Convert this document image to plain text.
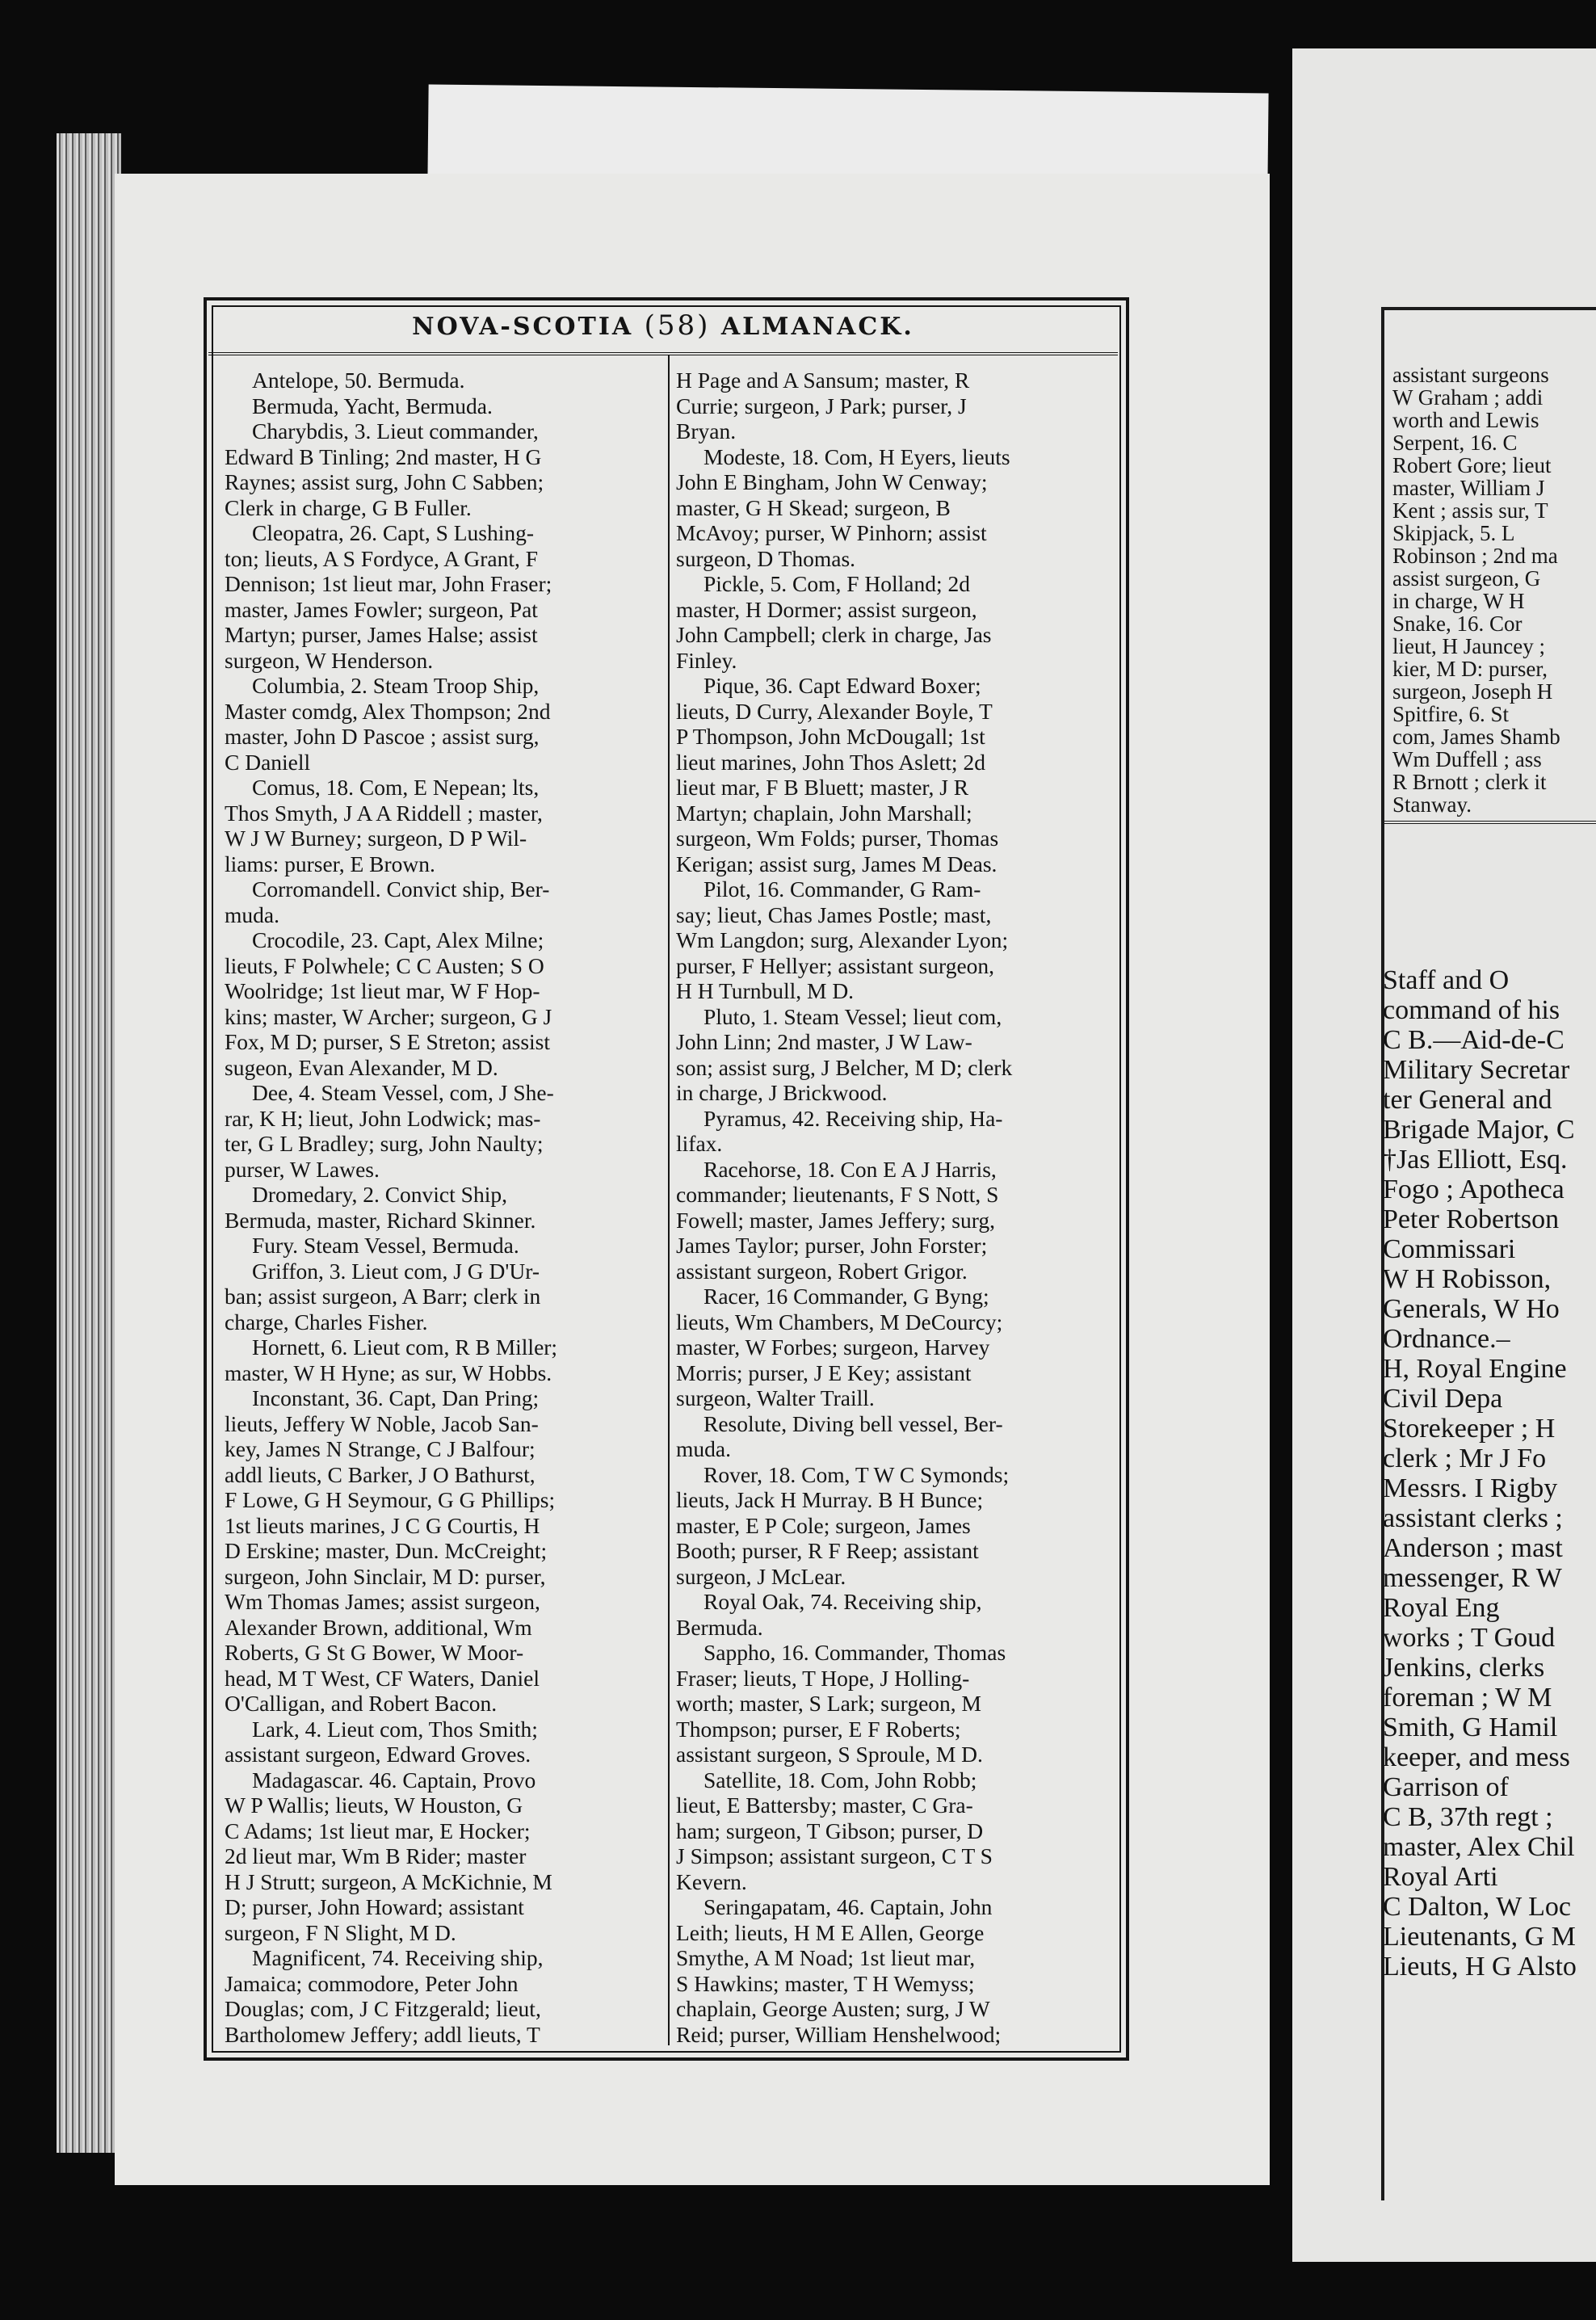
assistant surgeons
W Graham ; addi
worth and Lewis
Serpent, 16. C
Robert Gore; lieut
master, William J
Kent ; assis sur, T
Skipjack, 5. L
Robinson ; 2nd ma
assist surgeon, G
in charge, W H
Snake, 16. Cor
lieut, H Jauncey ;
kier, M D: purser,
surgeon, Joseph H
Spitfire, 6. St
com, James Shamb
Wm Duffell ; ass
R Brnott ; clerk it
Stanway.
Staff and O
command of his
C B.—Aid-de-C
Military Secretar
ter General and
Brigade Major, C
†Jas Elliott, Esq.
Fogo ; Apotheca
Peter Robertson
Commissari
W H Robisson,
Generals, W Ho
Ordnance.–
H, Royal Engine
Civil Depa
Storekeeper ; H
clerk ; Mr J Fo
Messrs. I Rigby
assistant clerks ;
Anderson ; mast
messenger, R W
Royal Eng
works ; T Goud
Jenkins, clerks
foreman ; W M
Smith, G Hamil
keeper, and mess
Garrison of
C B, 37th regt ;
master, Alex Chil
Royal Arti
C Dalton, W Loc
Lieutenants, G M
Lieuts, H G Alsto
NOVA-SCOTIA (58) ALMANACK.
Antelope, 50. Bermuda.
Bermuda, Yacht, Bermuda.
Charybdis, 3. Lieut commander,
Edward B Tinling; 2nd master, H G
Raynes; assist surg, John C Sabben;
Clerk in charge, G B Fuller.
Cleopatra, 26. Capt, S Lushing-
ton; lieuts, A S Fordyce, A Grant, F
Dennison; 1st lieut mar, John Fraser;
master, James Fowler; surgeon, Pat
Martyn; purser, James Halse; assist
surgeon, W Henderson.
Columbia, 2. Steam Troop Ship,
Master comdg, Alex Thompson; 2nd
master, John D Pascoe ; assist surg,
C Daniell
Comus, 18. Com, E Nepean; lts,
Thos Smyth, J A A Riddell ; master,
W J W Burney; surgeon, D P Wil-
liams: purser, E Brown.
Corromandell. Convict ship, Ber-
muda.
Crocodile, 23. Capt, Alex Milne;
lieuts, F Polwhele; C C Austen; S O
Woolridge; 1st lieut mar, W F Hop-
kins; master, W Archer; surgeon, G J
Fox, M D; purser, S E Streton; assist
sugeon, Evan Alexander, M D.
Dee, 4. Steam Vessel, com, J She-
rar, K H; lieut, John Lodwick; mas-
ter, G L Bradley; surg, John Naulty;
purser, W Lawes.
Dromedary, 2. Convict Ship,
Bermuda, master, Richard Skinner.
Fury. Steam Vessel, Bermuda.
Griffon, 3. Lieut com, J G D'Ur-
ban; assist surgeon, A Barr; clerk in
charge, Charles Fisher.
Hornett, 6. Lieut com, R B Miller;
master, W H Hyne; as sur, W Hobbs.
Inconstant, 36. Capt, Dan Pring;
lieuts, Jeffery W Noble, Jacob San-
key, James N Strange, C J Balfour;
addl lieuts, C Barker, J O Bathurst,
F Lowe, G H Seymour, G G Phillips;
1st lieuts marines, J C G Courtis, H
D Erskine; master, Dun. McCreight;
surgeon, John Sinclair, M D: purser,
Wm Thomas James; assist surgeon,
Alexander Brown, additional, Wm
Roberts, G St G Bower, W Moor-
head, M T West, CF Waters, Daniel
O'Calligan, and Robert Bacon.
Lark, 4. Lieut com, Thos Smith;
assistant surgeon, Edward Groves.
Madagascar. 46. Captain, Provo
W P Wallis; lieuts, W Houston, G
C Adams; 1st lieut mar, E Hocker;
2d lieut mar, Wm B Rider; master
H J Strutt; surgeon, A McKichnie, M
D; purser, John Howard; assistant
surgeon, F N Slight, M D.
Magnificent, 74. Receiving ship,
Jamaica; commodore, Peter John
Douglas; com, J C Fitzgerald; lieut,
Bartholomew Jeffery; addl lieuts, T
H Page and A Sansum; master, R
Currie; surgeon, J Park; purser, J
Bryan.
Modeste, 18. Com, H Eyers, lieuts
John E Bingham, John W Cenway;
master, G H Skead; surgeon, B
McAvoy; purser, W Pinhorn; assist
surgeon, D Thomas.
Pickle, 5. Com, F Holland; 2d
master, H Dormer; assist surgeon,
John Campbell; clerk in charge, Jas
Finley.
Pique, 36. Capt Edward Boxer;
lieuts, D Curry, Alexander Boyle, T
P Thompson, John McDougall; 1st
lieut marines, John Thos Aslett; 2d
lieut mar, F B Bluett; master, J R
Martyn; chaplain, John Marshall;
surgeon, Wm Folds; purser, Thomas
Kerigan; assist surg, James M Deas.
Pilot, 16. Commander, G Ram-
say; lieut, Chas James Postle; mast,
Wm Langdon; surg, Alexander Lyon;
purser, F Hellyer; assistant surgeon,
H H Turnbull, M D.
Pluto, 1. Steam Vessel; lieut com,
John Linn; 2nd master, J W Law-
son; assist surg, J Belcher, M D; clerk
in charge, J Brickwood.
Pyramus, 42. Receiving ship, Ha-
lifax.
Racehorse, 18. Con E A J Harris,
commander; lieutenants, F S Nott, S
Fowell; master, James Jeffery; surg,
James Taylor; purser, John Forster;
assistant surgeon, Robert Grigor.
Racer, 16 Commander, G Byng;
lieuts, Wm Chambers, M DeCourcy;
master, W Forbes; surgeon, Harvey
Morris; purser, J E Key; assistant
surgeon, Walter Traill.
Resolute, Diving bell vessel, Ber-
muda.
Rover, 18. Com, T W C Symonds;
lieuts, Jack H Murray. B H Bunce;
master, E P Cole; surgeon, James
Booth; purser, R F Reep; assistant
surgeon, J McLear.
Royal Oak, 74. Receiving ship,
Bermuda.
Sappho, 16. Commander, Thomas
Fraser; lieuts, T Hope, J Holling-
worth; master, S Lark; surgeon, M
Thompson; purser, E F Roberts;
assistant surgeon, S Sproule, M D.
Satellite, 18. Com, John Robb;
lieut, E Battersby; master, C Gra-
ham; surgeon, T Gibson; purser, D
J Simpson; assistant surgeon, C T S
Kevern.
Seringapatam, 46. Captain, John
Leith; lieuts, H M E Allen, George
Smythe, A M Noad; 1st lieut mar,
S Hawkins; master, T H Wemyss;
chaplain, George Austen; surg, J W
Reid; purser, William Henshelwood;
